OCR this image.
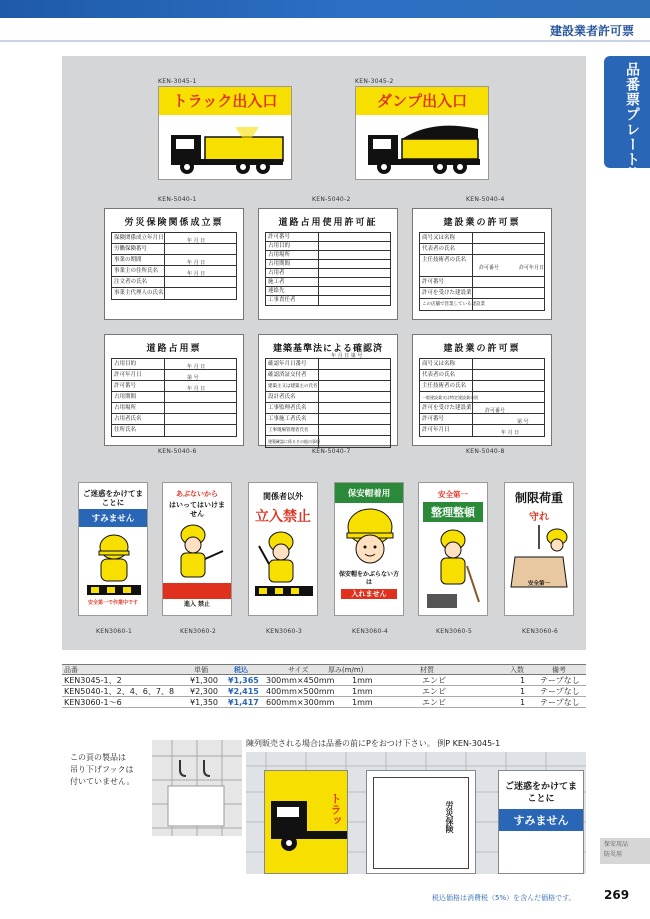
建設業者許可票
品番票プレート他
KEN-3045-1
トラック出入口
KEN-3045-2
ダンプ出入口
KEN-5040-1	KEN-5040-2	KEN-5040-4
労災保険関係成立票
保険関係成立年月日
労働保険番号
事業の期間
事業主の住所氏名
注文者の氏名
事業主代理人の氏名
年 月 日
年 月 日
年 月 日
道路占用使用許可証
許可番号
占用目的
占用場所
占用期間
占用者
施工者
連絡先
工事責任者
建設業の許可票
商号又は名称
代表者の氏名
主任技術者の氏名
許可番号
許可を受けた建設業
この店舗で営業している建設業
許可番号	許可年月日
道路占用票
占用目的
許可年月日
許可番号
占用期間
占用場所
占用者氏名
住所氏名
年 月 日
第 号
年 月 日
建築基準法による確認済
確認年月日番号
確認済証交付者
建築主又は建築主の氏名
設計者氏名
工事監理者氏名
工事施工者氏名
工事現場管理者氏名
建築確認に係るその他の事項
年 月 日 第 号
建設業の許可票
商号又は名称
代表者の氏名
主任技術者の氏名
一般建設業又は特定建設業の別
許可を受けた建設業
許可番号
許可年月日
許可番号
第 号
年 月 日
KEN-5040-6	KEN-5040-7	KEN-5040-8
ご迷惑をかけてまことに
すみません
安全第一で作業中です
KEN3060-1
あぶないから
はいってはいけません
進入 禁止
KEN3060-2
関係者以外
立入禁止
KEN3060-3
保安帽着用
保安帽をかぶらない方は
入れません
KEN3060-4
安全第一
整理整頓
KEN3060-5
制限荷重
守れ
安全第一
KEN3060-6
品番	単価	税込	サイズ	厚み(m/m)	材質	入数	備考
KEN3045-1、2	¥1,300 ¥1,365 300mm×450mm 1mm	エンビ	1 テープなし
KEN5040-1、2、4、6、7、8 ¥2,300 ¥2,415 400mm×500mm 1mm	エンビ	1 テープなし
KEN3060-1～6	¥1,350 ¥1,417 600mm×300mm 1mm	エンビ	1 テープなし
この頁の製品は
吊り下げフックは
付いていません。
陳列販売される場合は品番の前にPをおつけ下さい。 例P KEN-3045-1
トラッ	労災保険
ご迷惑をかけてまことに
すみません
保安用品
防災用
税込価格は消費税（5%）を含んだ価格です。 269
